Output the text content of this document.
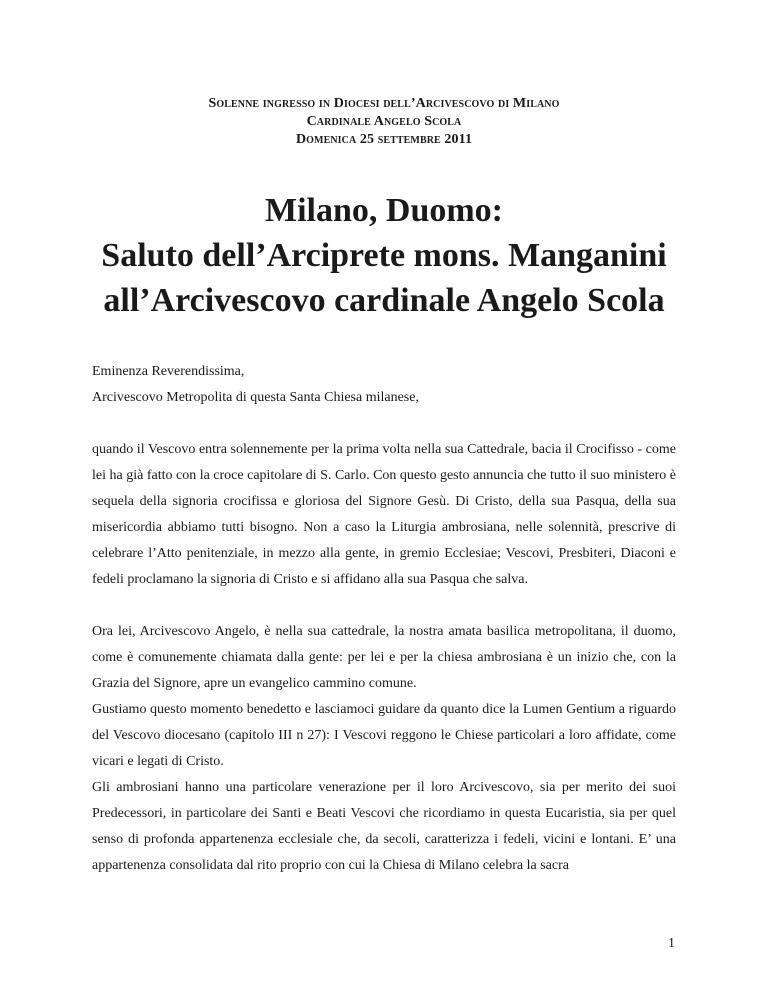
Solenne ingresso in Diocesi dell’Arcivescovo di Milano
Cardinale Angelo Scola
Domenica 25 settembre 2011
Milano, Duomo:
Saluto dell’Arciprete mons. Manganini
all’Arcivescovo cardinale Angelo Scola

Eminenza Reverendissima,

Arcivescovo Metropolita di questa Santa Chiesa milanese,

quando il Vescovo entra solennemente per la prima volta nella sua Cattedrale, bacia il Crocifisso - come lei ha già fatto con la croce capitolare di S. Carlo. Con questo gesto annuncia che tutto il suo ministero è sequela della signoria crocifissa e gloriosa del Signore Gesù. Di Cristo, della sua Pasqua, della sua misericordia abbiamo tutti bisogno. Non a caso la Liturgia ambrosiana, nelle solennità, prescrive di celebrare l’Atto penitenziale, in mezzo alla gente, in gremio Ecclesiae; Vescovi, Presbiteri, Diaconi e fedeli proclamano la signoria di Cristo e si affidano alla sua Pasqua che salva.

Ora lei, Arcivescovo Angelo, è nella sua cattedrale, la nostra amata basilica metropolitana, il duomo, come è comunemente chiamata dalla gente: per lei e per la chiesa ambrosiana è un inizio che, con la Grazia del Signore, apre un evangelico cammino comune.

Gustiamo questo momento benedetto e lasciamoci guidare da quanto dice la Lumen Gentium a riguardo del Vescovo diocesano (capitolo III n 27): I Vescovi reggono le Chiese particolari a loro affidate, come vicari e legati di Cristo.

Gli ambrosiani hanno una particolare venerazione per il loro Arcivescovo, sia per merito dei suoi Predecessori, in particolare dei Santi e Beati Vescovi che ricordiamo in questa Eucaristia, sia per quel senso di profonda appartenenza ecclesiale che, da secoli, caratterizza i fedeli, vicini e lontani. E’ una appartenenza consolidata dal rito proprio con cui la Chiesa di Milano celebra la sacra

1
